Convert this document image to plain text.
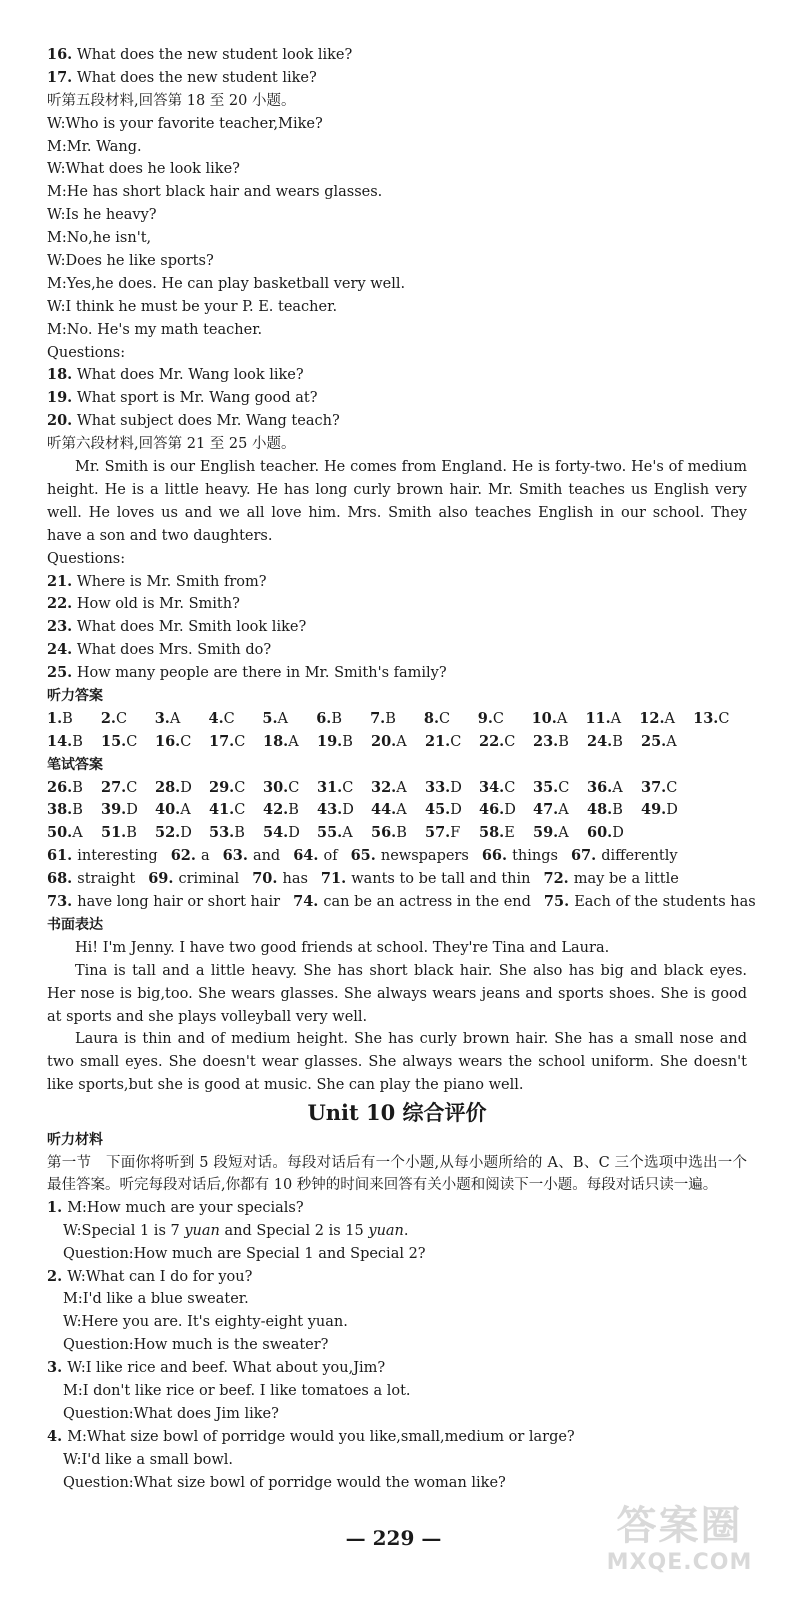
16. What does the new student look like?
17. What does the new student like?
听第五段材料,回答第 18 至 20 小题。
W:Who is your favorite teacher,Mike?
M:Mr. Wang.
W:What does he look like?
M:He has short black hair and wears glasses.
W:Is he heavy?
M:No,he isn't,
W:Does he like sports?
M:Yes,he does. He can play basketball very well.
W:I think he must be your P. E. teacher.
M:No. He's my math teacher.
Questions:
18. What does Mr. Wang look like?
19. What sport is Mr. Wang good at?
20. What subject does Mr. Wang teach?
听第六段材料,回答第 21 至 25 小题。
Mr. Smith is our English teacher. He comes from England. He is forty-two. He's of medium height. He is a little heavy. He has long curly brown hair. Mr. Smith teaches us English very well. He loves us and we all love him. Mrs. Smith also teaches English in our school. They have a son and two daughters.
Questions:
21. Where is Mr. Smith from?
22. How old is Mr. Smith?
23. What does Mr. Smith look like?
24. What does Mrs. Smith do?
25. How many people are there in Mr. Smith's family?
听力答案
1.B	2.C	3.A	4.C	5.A	6.B	7.B	8.C	9.C	10.A	11.A	12.A	13.C
14.B	15.C	16.C	17.C	18.A	19.B	20.A	21.C	22.C	23.B	24.B	25.A
笔试答案
26.B	27.C	28.D	29.C	30.C	31.C	32.A	33.D	34.C	35.C	36.A	37.C
38.B	39.D	40.A	41.C	42.B	43.D	44.A	45.D	46.D	47.A	48.B	49.D
50.A	51.B	52.D	53.B	54.D	55.A	56.B	57.F	58.E	59.A	60.D
61. interesting 62. a 63. and 64. of 65. newspapers 66. things 67. differently
68. straight 69. criminal 70. has 71. wants to be tall and thin 72. may be a little
73. have long hair or short hair 74. can be an actress in the end 75. Each of the students has
书面表达
Hi! I'm Jenny. I have two good friends at school. They're Tina and Laura.
Tina is tall and a little heavy. She has short black hair. She also has big and black eyes. Her nose is big,too. She wears glasses. She always wears jeans and sports shoes. She is good at sports and she plays volleyball very well.
Laura is thin and of medium height. She has curly brown hair. She has a small nose and two small eyes. She doesn't wear glasses. She always wears the school uniform. She doesn't like sports,but she is good at music. She can play the piano well.
Unit 10 综合评价
听力材料
第一节　下面你将听到 5 段短对话。每段对话后有一个小题,从每小题所给的 A、B、C 三个选项中选出一个最佳答案。听完每段对话后,你都有 10 秒钟的时间来回答有关小题和阅读下一小题。每段对话只读一遍。
1. M:How much are your specials?
W:Special 1 is 7 yuan and Special 2 is 15 yuan.
Question:How much are Special 1 and Special 2?
2. W:What can I do for you?
M:I'd like a blue sweater.
W:Here you are. It's eighty-eight yuan.
Question:How much is the sweater?
3. W:I like rice and beef. What about you,Jim?
M:I don't like rice or beef. I like tomatoes a lot.
Question:What does Jim like?
4. M:What size bowl of porridge would you like,small,medium or large?
W:I'd like a small bowl.
Question:What size bowl of porridge would the woman like?
— 229 —	答案圈
MXQE.COM
